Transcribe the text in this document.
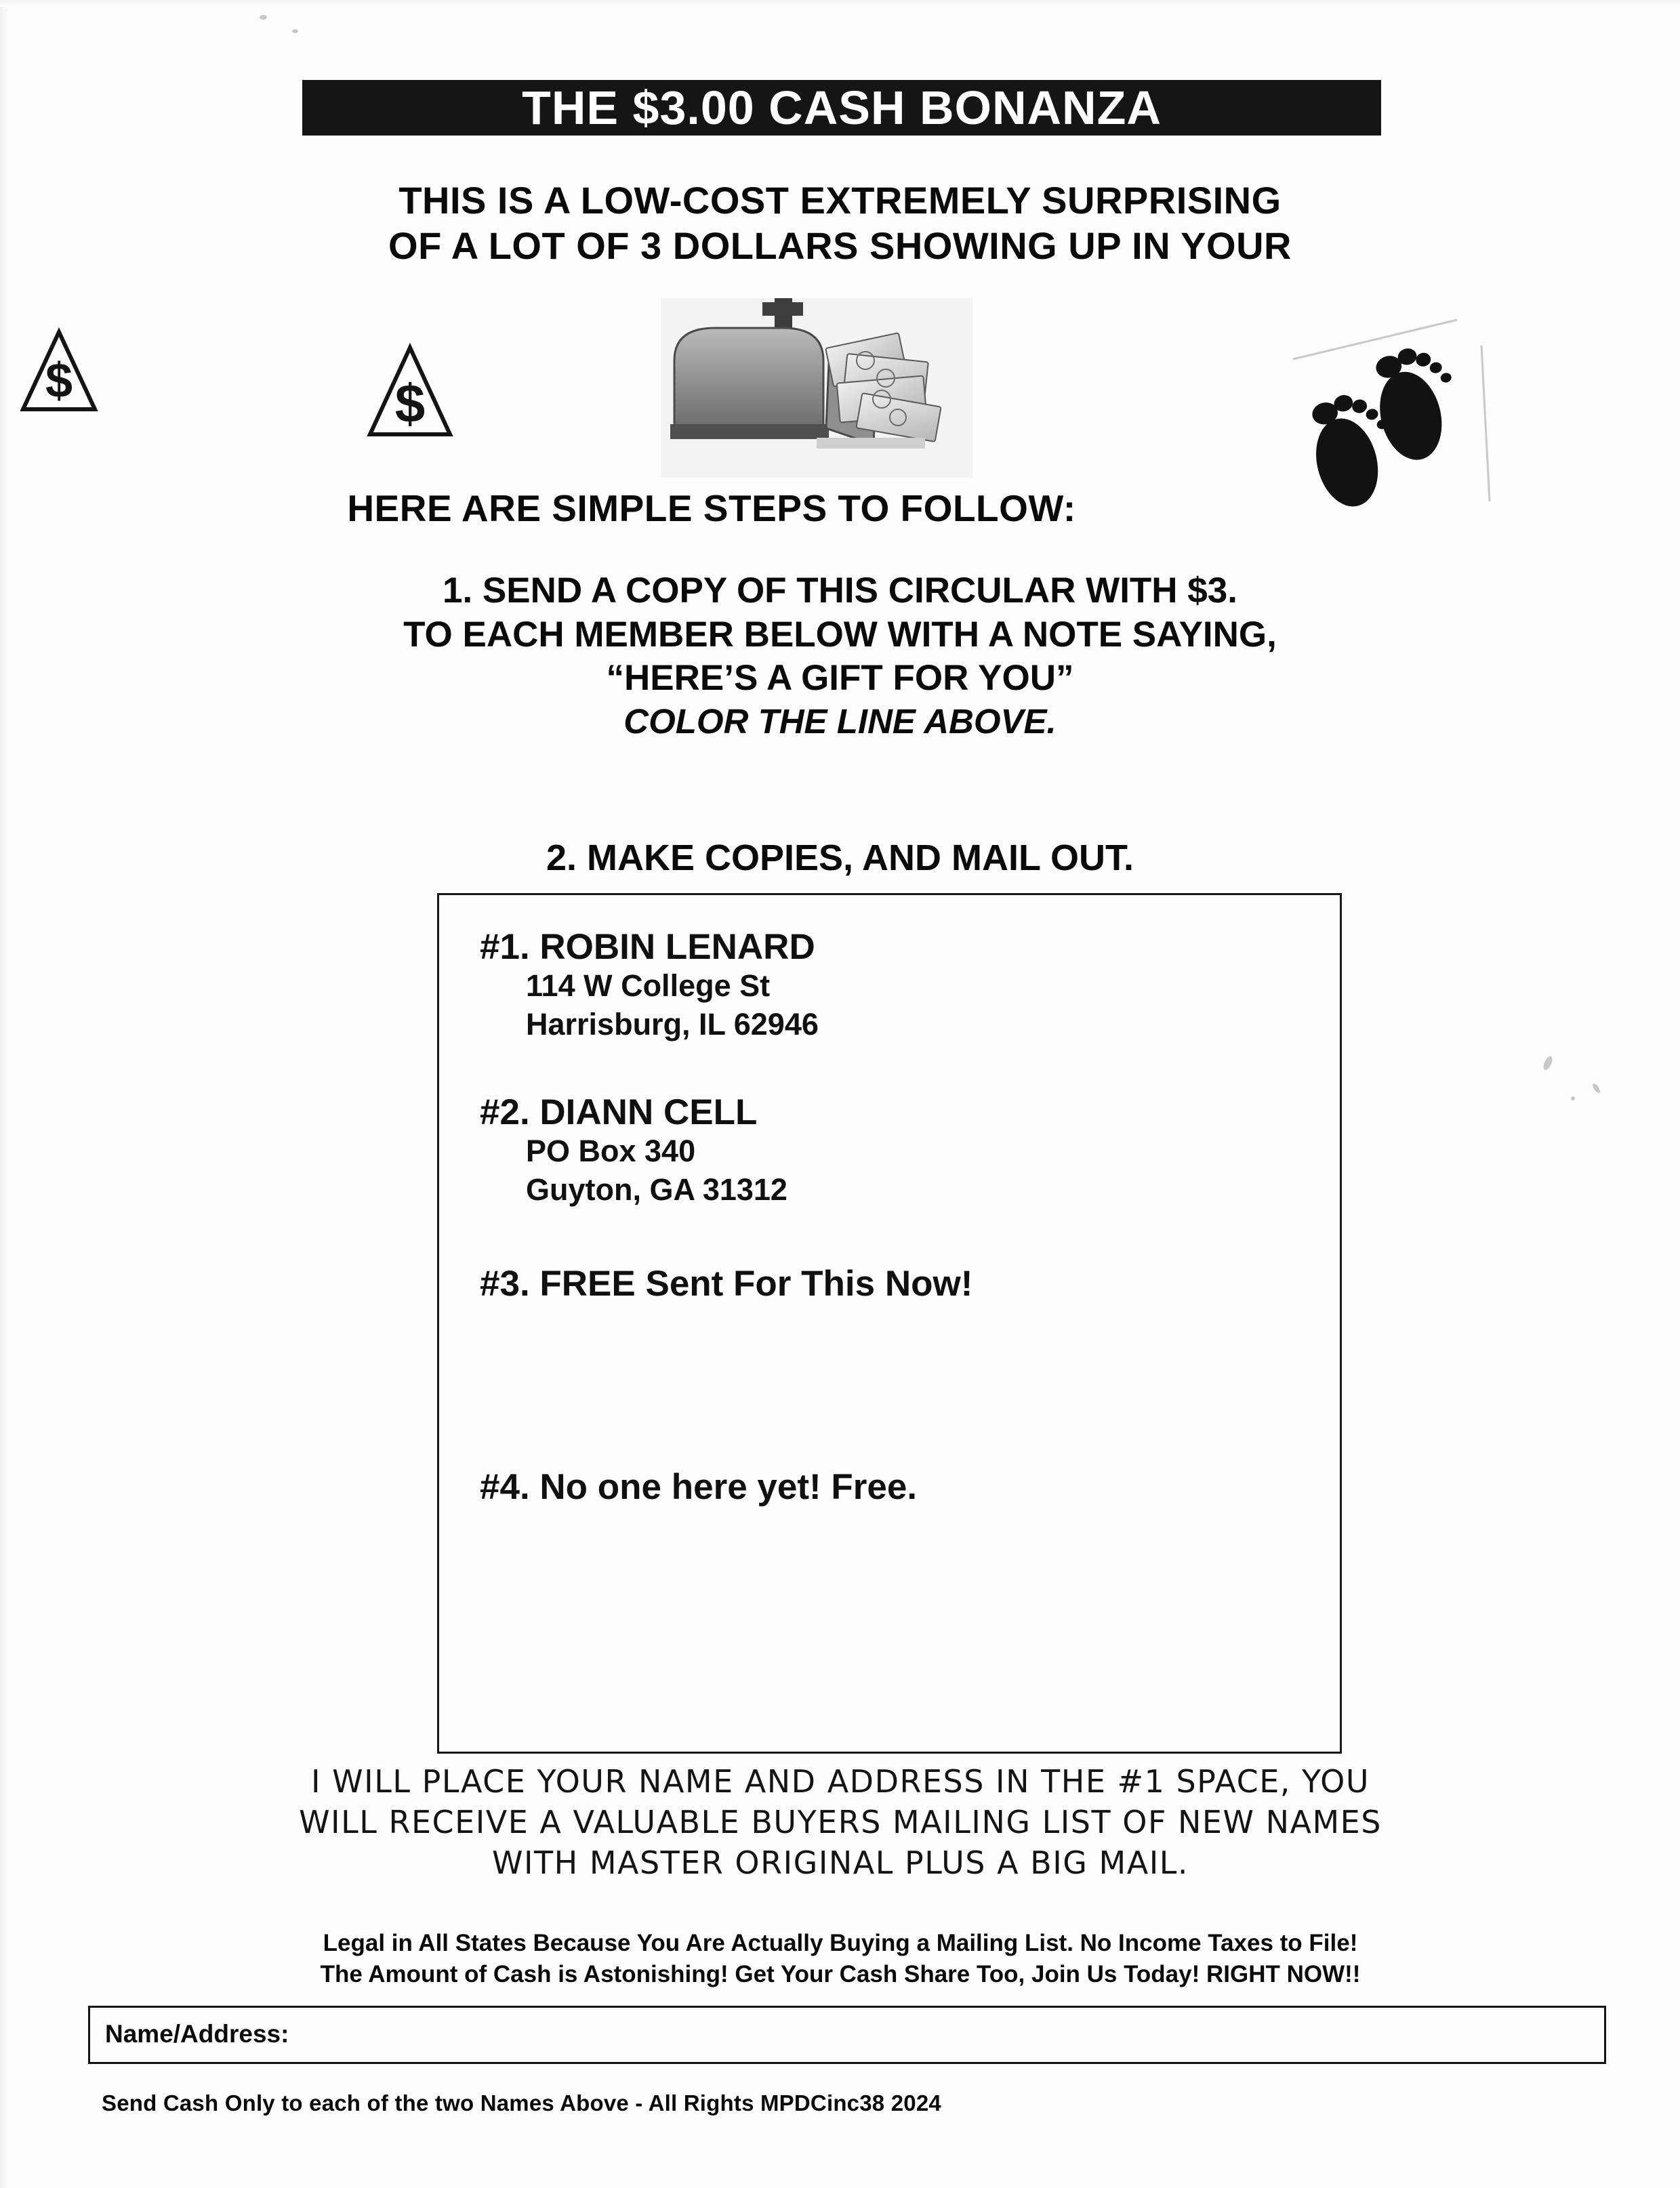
THE $3.00 CASH BONANZA
THIS IS A LOW-COST EXTREMELY SURPRISING
OF A LOT OF 3 DOLLARS SHOWING UP IN YOUR
$	$
HERE ARE SIMPLE STEPS TO FOLLOW:
1. SEND A COPY OF THIS CIRCULAR WITH $3.
TO EACH MEMBER BELOW WITH A NOTE SAYING,
“HERE’S A GIFT FOR YOU”
COLOR THE LINE ABOVE.
2. MAKE COPIES, AND MAIL OUT.
#1. ROBIN LENARD
114 W College St
Harrisburg, IL 62946
#2. DIANN CELL
PO Box 340
Guyton, GA 31312
#3. FREE Sent For This Now!
#4. No one here yet! Free.
I WILL PLACE YOUR NAME AND ADDRESS IN THE #1 SPACE, YOU
WILL RECEIVE A VALUABLE BUYERS MAILING LIST OF NEW NAMES
WITH MASTER ORIGINAL PLUS A BIG MAIL.
Legal in All States Because You Are Actually Buying a Mailing List. No Income Taxes to File!
The Amount of Cash is Astonishing! Get Your Cash Share Too, Join Us Today! RIGHT NOW!!
Name/Address:
Send Cash Only to each of the two Names Above - All Rights MPDCinc38 2024
